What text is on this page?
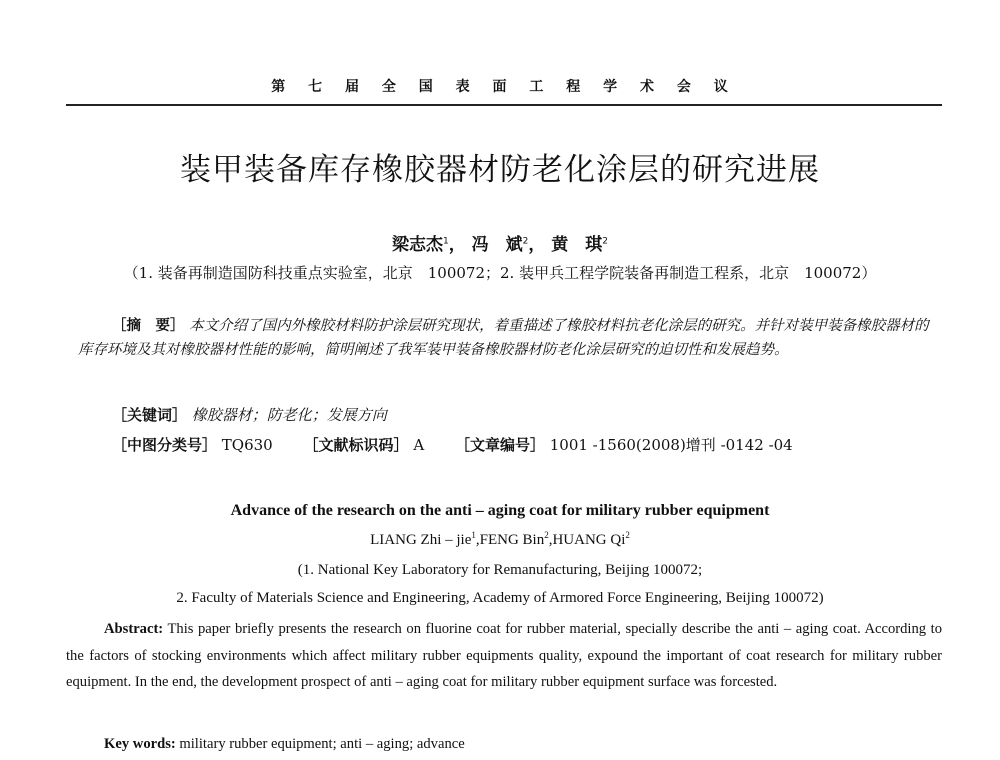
第 七 届 全 国 表 面 工 程 学 术 会 议
装甲装备库存橡胶器材防老化涂层的研究进展
梁志杰$^1$， 冯　斌$^2$， 黄　琪$^2$
（1. 装备再制造国防科技重点实验室，北京　100072；2. 装甲兵工程学院装备再制造工程系，北京　100072）
［摘　要］ 本文介绍了国内外橡胶材料防护涂层研究现状，着重描述了橡胶材料抗老化涂层的研究。并针对装甲装备橡胶器材的库存环境及其对橡胶器材性能的影响，简明阐述了我军装甲装备橡胶器材防老化涂层研究的迫切性和发展趋势。
［关键词］ 橡胶器材；防老化；发展方向
［中图分类号］ TQ630 ［文献标识码］ A ［文章编号］ 1001 -1560(2008)增刊 -0142 -04
Advance of the research on the anti – aging coat for military rubber equipment
LIANG Zhi – jie$^1$,FENG Bin$^2$,HUANG Qi$^2$
(1. National Key Laboratory for Remanufacturing, Beijing 100072;
2. Faculty of Materials Science and Engineering, Academy of Armored Force Engineering, Beijing 100072)
Abstract: This paper briefly presents the research on fluorine coat for rubber material, specially describe the anti – aging coat. According to the factors of stocking environments which affect military rubber equipments quality, expound the important of coat research for military rubber equipment. In the end, the development prospect of anti – aging coat for military rubber equipment surface was forcested.
Key words: military rubber equipment; anti – aging; advance
